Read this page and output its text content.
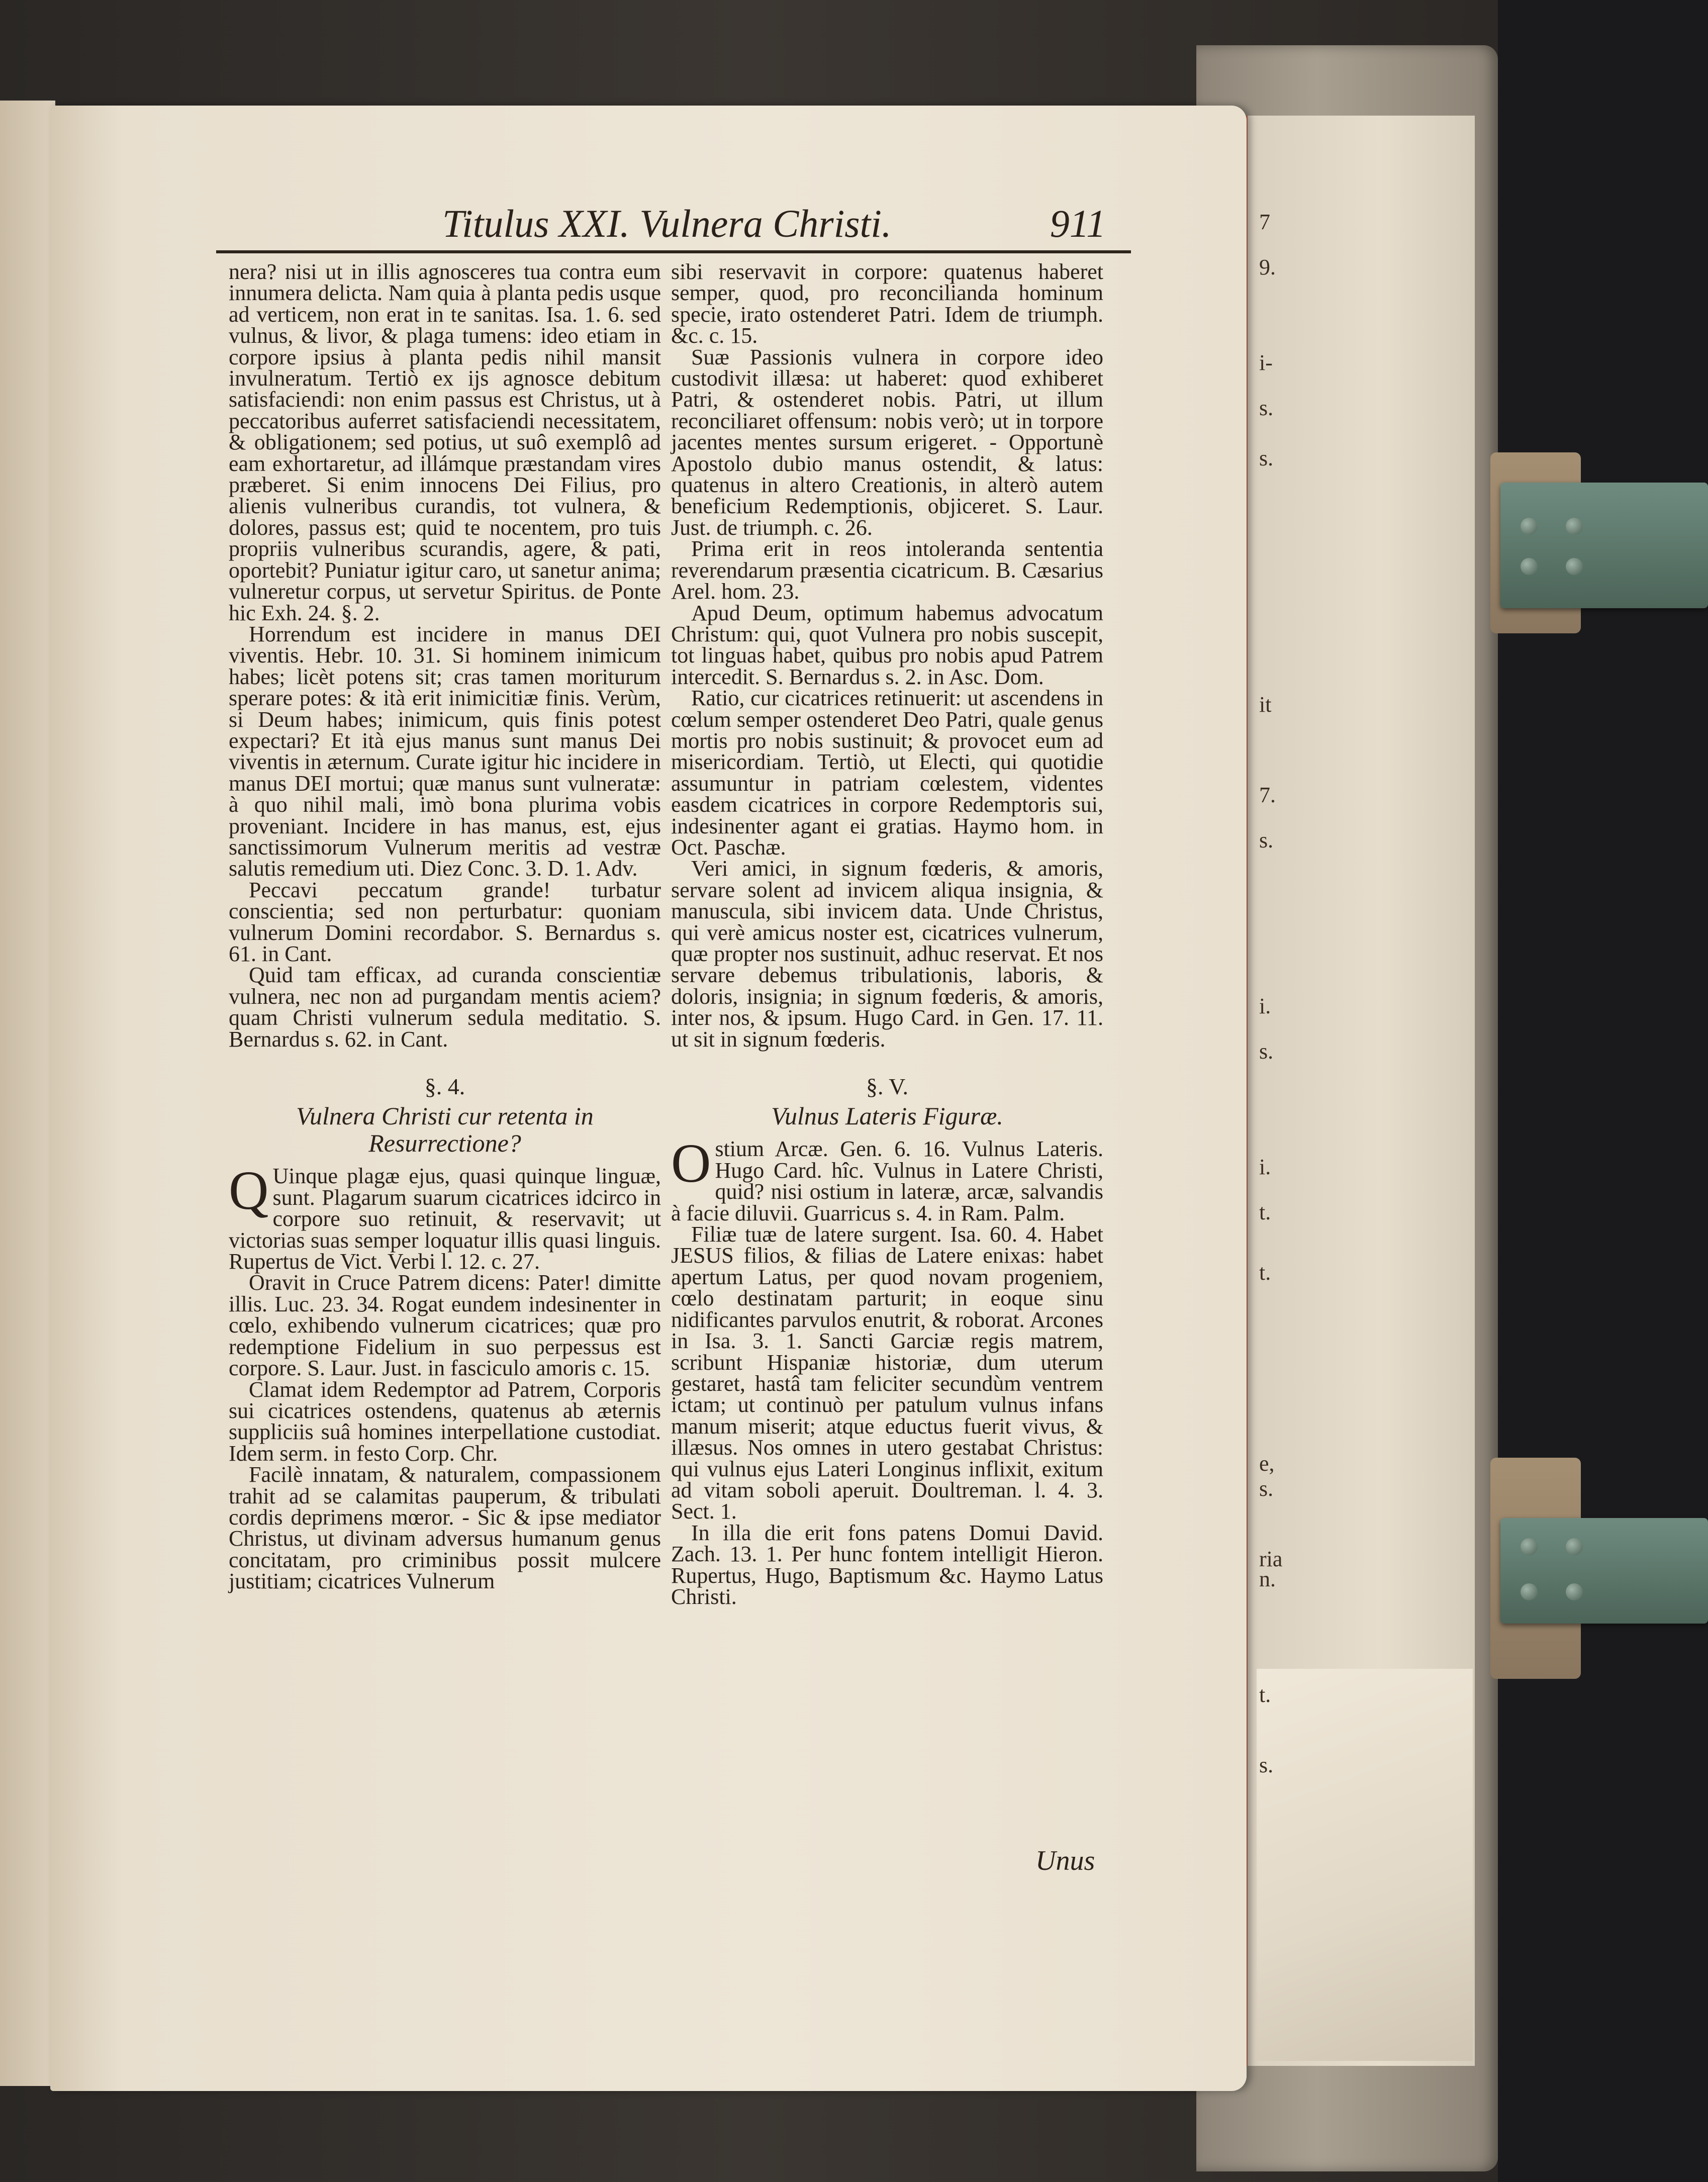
7
9.
i-
s.
s.
it
7.
s.
i.
s.
i.
t.
t.
e,
s.
ria
n.
t.
s.
Titulus XXI. Vulnera Christi.	911

nera? nisi ut in illis agnosceres tua contra eum innumera delicta. Nam quia à planta pedis usque ad verticem, non erat in te sanitas. Isa. 1. 6. sed vulnus, & livor, & plaga tumens: ideo etiam in corpore ipsius à planta pedis nihil mansit invulneratum. Tertiò ex ijs agnosce debitum satisfaciendi: non enim passus est Christus, ut à peccatoribus auferret satisfaciendi necessitatem, & obligationem; sed potius, ut suô exemplô ad eam exhortaretur, ad illámque præstandam vires præberet. Si enim innocens Dei Filius, pro alienis vulneribus curandis, tot vulnera, & dolores, passus est; quid te nocentem, pro tuis propriis vulneribus scurandis, agere, & pati, oportebit? Puniatur igitur caro, ut sanetur anima; vulneretur corpus, ut servetur Spiritus. de Ponte hic Exh. 24. §. 2.

Horrendum est incidere in manus DEI viventis. Hebr. 10. 31. Si hominem inimicum habes; licèt potens sit; cras tamen moriturum sperare potes: & ità erit inimicitiæ finis. Verùm, si Deum habes; inimicum, quis finis potest expectari? Et ità ejus manus sunt manus Dei viventis in æternum. Curate igitur hic incidere in manus DEI mortui; quæ manus sunt vulneratæ: à quo nihil mali, imò bona plurima vobis proveniant. Incidere in has manus, est, ejus sanctissimorum Vulnerum meritis ad vestræ salutis remedium uti. Diez Conc. 3. D. 1. Adv.

Peccavi peccatum grande! turbatur conscientia; sed non perturbatur: quoniam vulnerum Domini recordabor. S. Bernardus s. 61. in Cant.

Quid tam efficax, ad curanda conscientiæ vulnera, nec non ad purgandam mentis aciem? quam Christi vulnerum sedula meditatio. S. Bernardus s. 62. in Cant.

§. 4.
Vulnera Christi cur retenta in Resurrectione?

QUinque plagæ ejus, quasi quinque linguæ, sunt. Plagarum suarum cicatrices idcirco in corpore suo retinuit, & reservavit; ut victorias suas semper loquatur illis quasi linguis. Rupertus de Vict. Verbi l. 12. c. 27.

Oravit in Cruce Patrem dicens: Pater! dimitte illis. Luc. 23. 34. Rogat eundem indesinenter in cœlo, exhibendo vulnerum cicatrices; quæ pro redemptione Fidelium in suo perpessus est corpore. S. Laur. Just. in fasciculo amoris c. 15.

Clamat idem Redemptor ad Patrem, Corporis sui cicatrices ostendens, quatenus ab æternis suppliciis suâ homines interpellatione custodiat. Idem serm. in festo Corp. Chr.

Facilè innatam, & naturalem, compassionem trahit ad se calamitas pauperum, & tribulati cordis deprimens mœror. - Sic & ipse mediator Christus, ut divinam adversus humanum genus concitatam, pro criminibus possit mulcere justitiam; cicatrices Vulnerum

sibi reservavit in corpore: quatenus haberet semper, quod, pro reconcilianda hominum specie, irato ostenderet Patri. Idem de triumph. &c. c. 15.

Suæ Passionis vulnera in corpore ideo custodivit illæsa: ut haberet: quod exhiberet Patri, & ostenderet nobis. Patri, ut illum reconciliaret offensum: nobis verò; ut in torpore jacentes mentes sursum erigeret. - Opportunè Apostolo dubio manus ostendit, & latus: quatenus in altero Creationis, in alterò autem beneficium Redemptionis, objiceret. S. Laur. Just. de triumph. c. 26.

Prima erit in reos intoleranda sententia reverendarum præsentia cicatricum. B. Cæsarius Arel. hom. 23.

Apud Deum, optimum habemus advocatum Christum: qui, quot Vulnera pro nobis suscepit, tot linguas habet, quibus pro nobis apud Patrem intercedit. S. Bernardus s. 2. in Asc. Dom.

Ratio, cur cicatrices retinuerit: ut ascendens in cœlum semper ostenderet Deo Patri, quale genus mortis pro nobis sustinuit; & provocet eum ad misericordiam. Tertiò, ut Electi, qui quotidie assumuntur in patriam cœlestem, videntes easdem cicatrices in corpore Redemptoris sui, indesinenter agant ei gratias. Haymo hom. in Oct. Paschæ.

Veri amici, in signum fœderis, & amoris, servare solent ad invicem aliqua insignia, & manuscula, sibi invicem data. Unde Christus, qui verè amicus noster est, cicatrices vulnerum, quæ propter nos sustinuit, adhuc reservat. Et nos servare debemus tribulationis, laboris, & doloris, insignia; in signum fœderis, & amoris, inter nos, & ipsum. Hugo Card. in Gen. 17. 11. ut sit in signum fœderis.

§. V.
Vulnus Lateris Figuræ.

Ostium Arcæ. Gen. 6. 16. Vulnus Lateris. Hugo Card. hîc. Vulnus in Latere Christi, quid? nisi ostium in lateræ, arcæ, salvandis à facie diluvii. Guarricus s. 4. in Ram. Palm.

Filiæ tuæ de latere surgent. Isa. 60. 4. Habet JESUS filios, & filias de Latere enixas: habet apertum Latus, per quod novam progeniem, cœlo destinatam parturit; in eoque sinu nidificantes parvulos enutrit, & roborat. Arcones in Isa. 3. 1. Sancti Garciæ regis matrem, scribunt Hispaniæ historiæ, dum uterum gestaret, hastâ tam feliciter secundùm ventrem ictam; ut continuò per patulum vulnus infans manum miserit; atque eductus fuerit vivus, & illæsus. Nos omnes in utero gestabat Christus: qui vulnus ejus Lateri Longinus inflixit, exitum ad vitam soboli aperuit. Doultreman. l. 4. 3. Sect. 1.

In illa die erit fons patens Domui David. Zach. 13. 1. Per hunc fontem intelligit Hieron. Rupertus, Hugo, Baptismum &c. Haymo Latus Christi.

Unus
